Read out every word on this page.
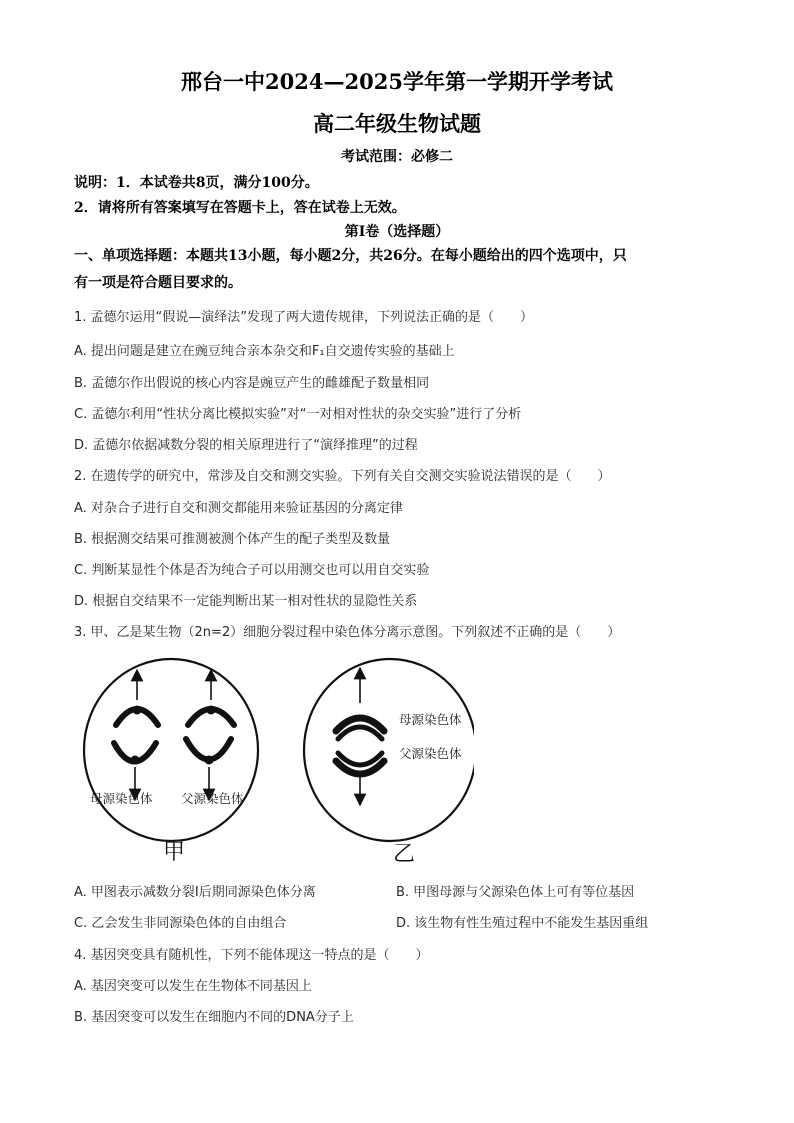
邢台一中2024—2025学年第一学期开学考试
高二年级生物试题
考试范围：必修二
说明：1．本试卷共8页，满分100分。
2．请将所有答案填写在答题卡上，答在试卷上无效。
第Ⅰ卷（选择题）
一、单项选择题：本题共13小题，每小题2分，共26分。在每小题给出的四个选项中，只
有一项是符合题目要求的。
1. 孟德尔运用“假说—演绎法”发现了两大遗传规律，下列说法正确的是（　　）
A. 提出问题是建立在豌豆纯合亲本杂交和F₁自交遗传实验的基础上
B. 孟德尔作出假说的核心内容是豌豆产生的雌雄配子数量相同
C. 孟德尔利用“性状分离比模拟实验”对“一对相对性状的杂交实验”进行了分析
D. 孟德尔依据减数分裂的相关原理进行了“演绎推理”的过程
2. 在遗传学的研究中，常涉及自交和测交实验。下列有关自交测交实验说法错误的是（　　）
A. 对杂合子进行自交和测交都能用来验证基因的分离定律
B. 根据测交结果可推测被测个体产生的配子类型及数量
C. 判断某显性个体是否为纯合子可以用测交也可以用自交实验
D. 根据自交结果不一定能判断出某一相对性状的显隐性关系
3. 甲、乙是某生物（2n=2）细胞分裂过程中染色体分离示意图。下列叙述不正确的是（　　）
母源染色体 父源染色体
母源染色体
父源染色体
甲	乙
A. 甲图表示减数分裂Ⅰ后期同源染色体分离	B. 甲图母源与父源染色体上可有等位基因
C. 乙会发生非同源染色体的自由组合	D. 该生物有性生殖过程中不能发生基因重组
4. 基因突变具有随机性，下列不能体现这一特点的是（　　）
A. 基因突变可以发生在生物体不同基因上
B. 基因突变可以发生在细胞内不同的DNA分子上
